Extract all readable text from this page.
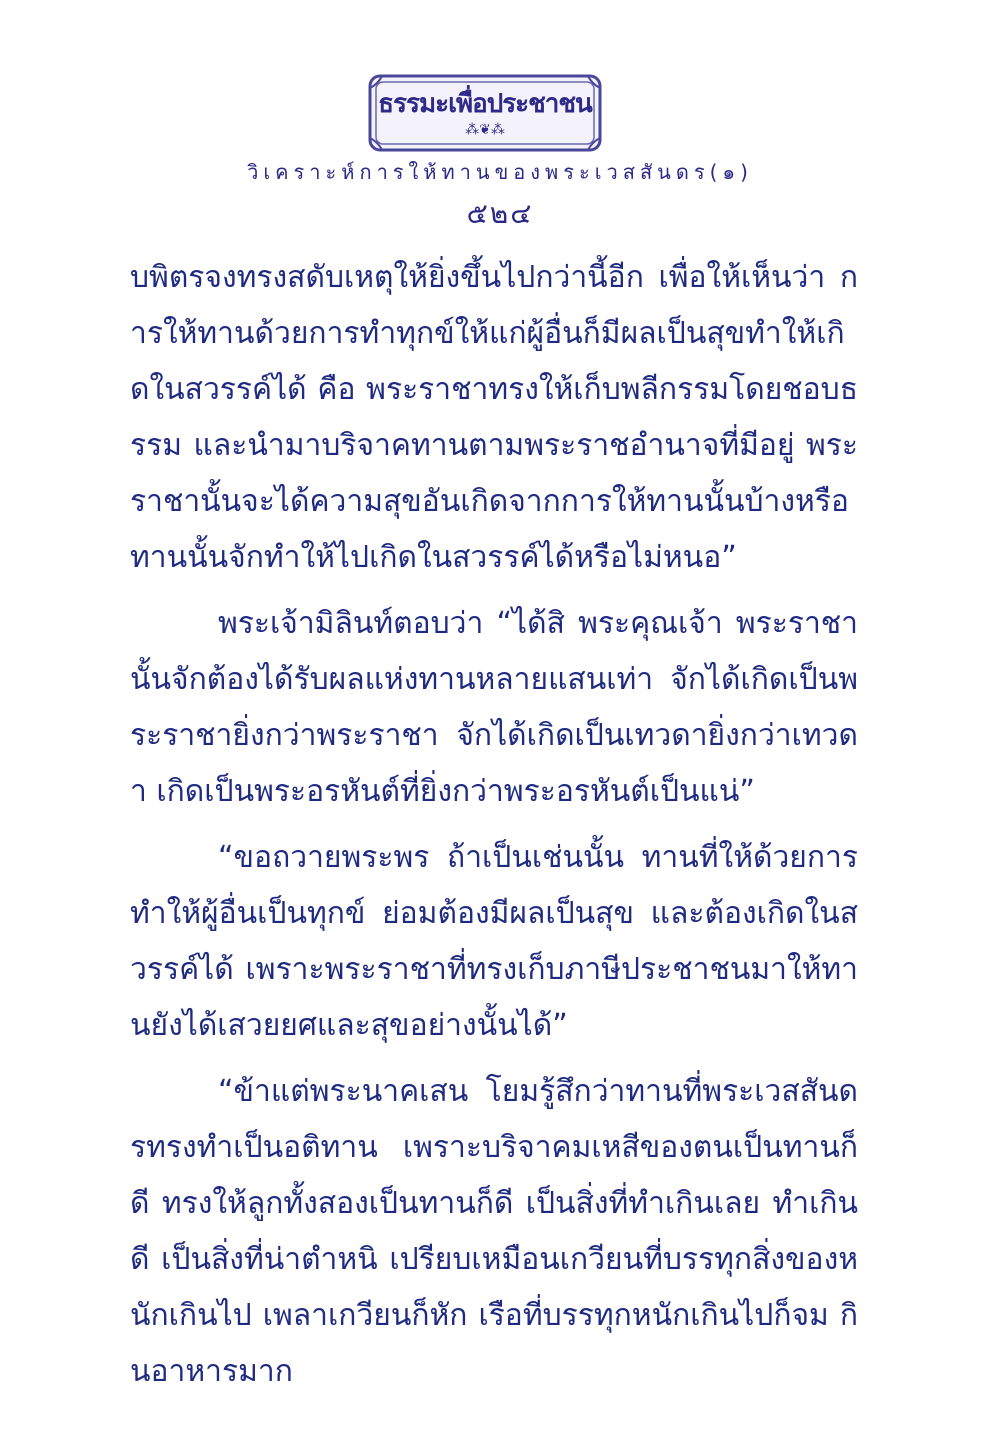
ธรรมะเพื่อประชาชน
⁂❦⁂
วิเคราะห์การให้ทานของพระเวสสันดร(๑)
๕๒๔

บพิตรจงทรงสดับเหตุให้ยิ่งขึ้นไปกว่านี้อีก เพื่อให้เห็นว่า การให้ทานด้วยการทำทุกข์ให้แก่ผู้อื่นก็มีผลเป็นสุขทำให้เกิดในสวรรค์ได้ คือ พระราชาทรงให้เก็บพลีกรรมโดยชอบธรรม และนำมาบริจาคทานตามพระราชอำนาจที่มีอยู่ พระราชานั้นจะได้ความสุขอันเกิดจากการให้ทานนั้นบ้างหรือ ทานนั้นจักทำให้ไปเกิดในสวรรค์ได้หรือไม่หนอ”

พระเจ้ามิลินท์ตอบว่า “ได้สิ พระคุณเจ้า พระราชานั้นจักต้องได้รับผลแห่งทานหลายแสนเท่า จักได้เกิดเป็นพระราชายิ่งกว่าพระราชา จักได้เกิดเป็นเทวดายิ่งกว่าเทวดา เกิดเป็นพระอรหันต์ที่ยิ่งกว่าพระอรหันต์เป็นแน่”

“ขอถวายพระพร ถ้าเป็นเช่นนั้น ทานที่ให้ด้วยการทำให้ผู้อื่นเป็นทุกข์ ย่อมต้องมีผลเป็นสุข และต้องเกิดในสวรรค์ได้ เพราะพระราชาที่ทรงเก็บภาษีประชาชนมาให้ทานยังได้เสวยยศและสุขอย่างนั้นได้”

“ข้าแต่พระนาคเสน โยมรู้สึกว่าทานที่พระเวสสันดรทรงทำเป็นอติทาน เพราะบริจาคมเหสีของตนเป็นทานก็ดี ทรงให้ลูกทั้งสองเป็นทานก็ดี เป็นสิ่งที่ทำเกินเลย ทำเกินดี เป็นสิ่งที่น่าตำหนิ เปรียบเหมือนเกวียนที่บรรทุกสิ่งของหนักเกินไป เพลาเกวียนก็หัก เรือที่บรรทุกหนักเกินไปก็จม กินอาหารมาก
